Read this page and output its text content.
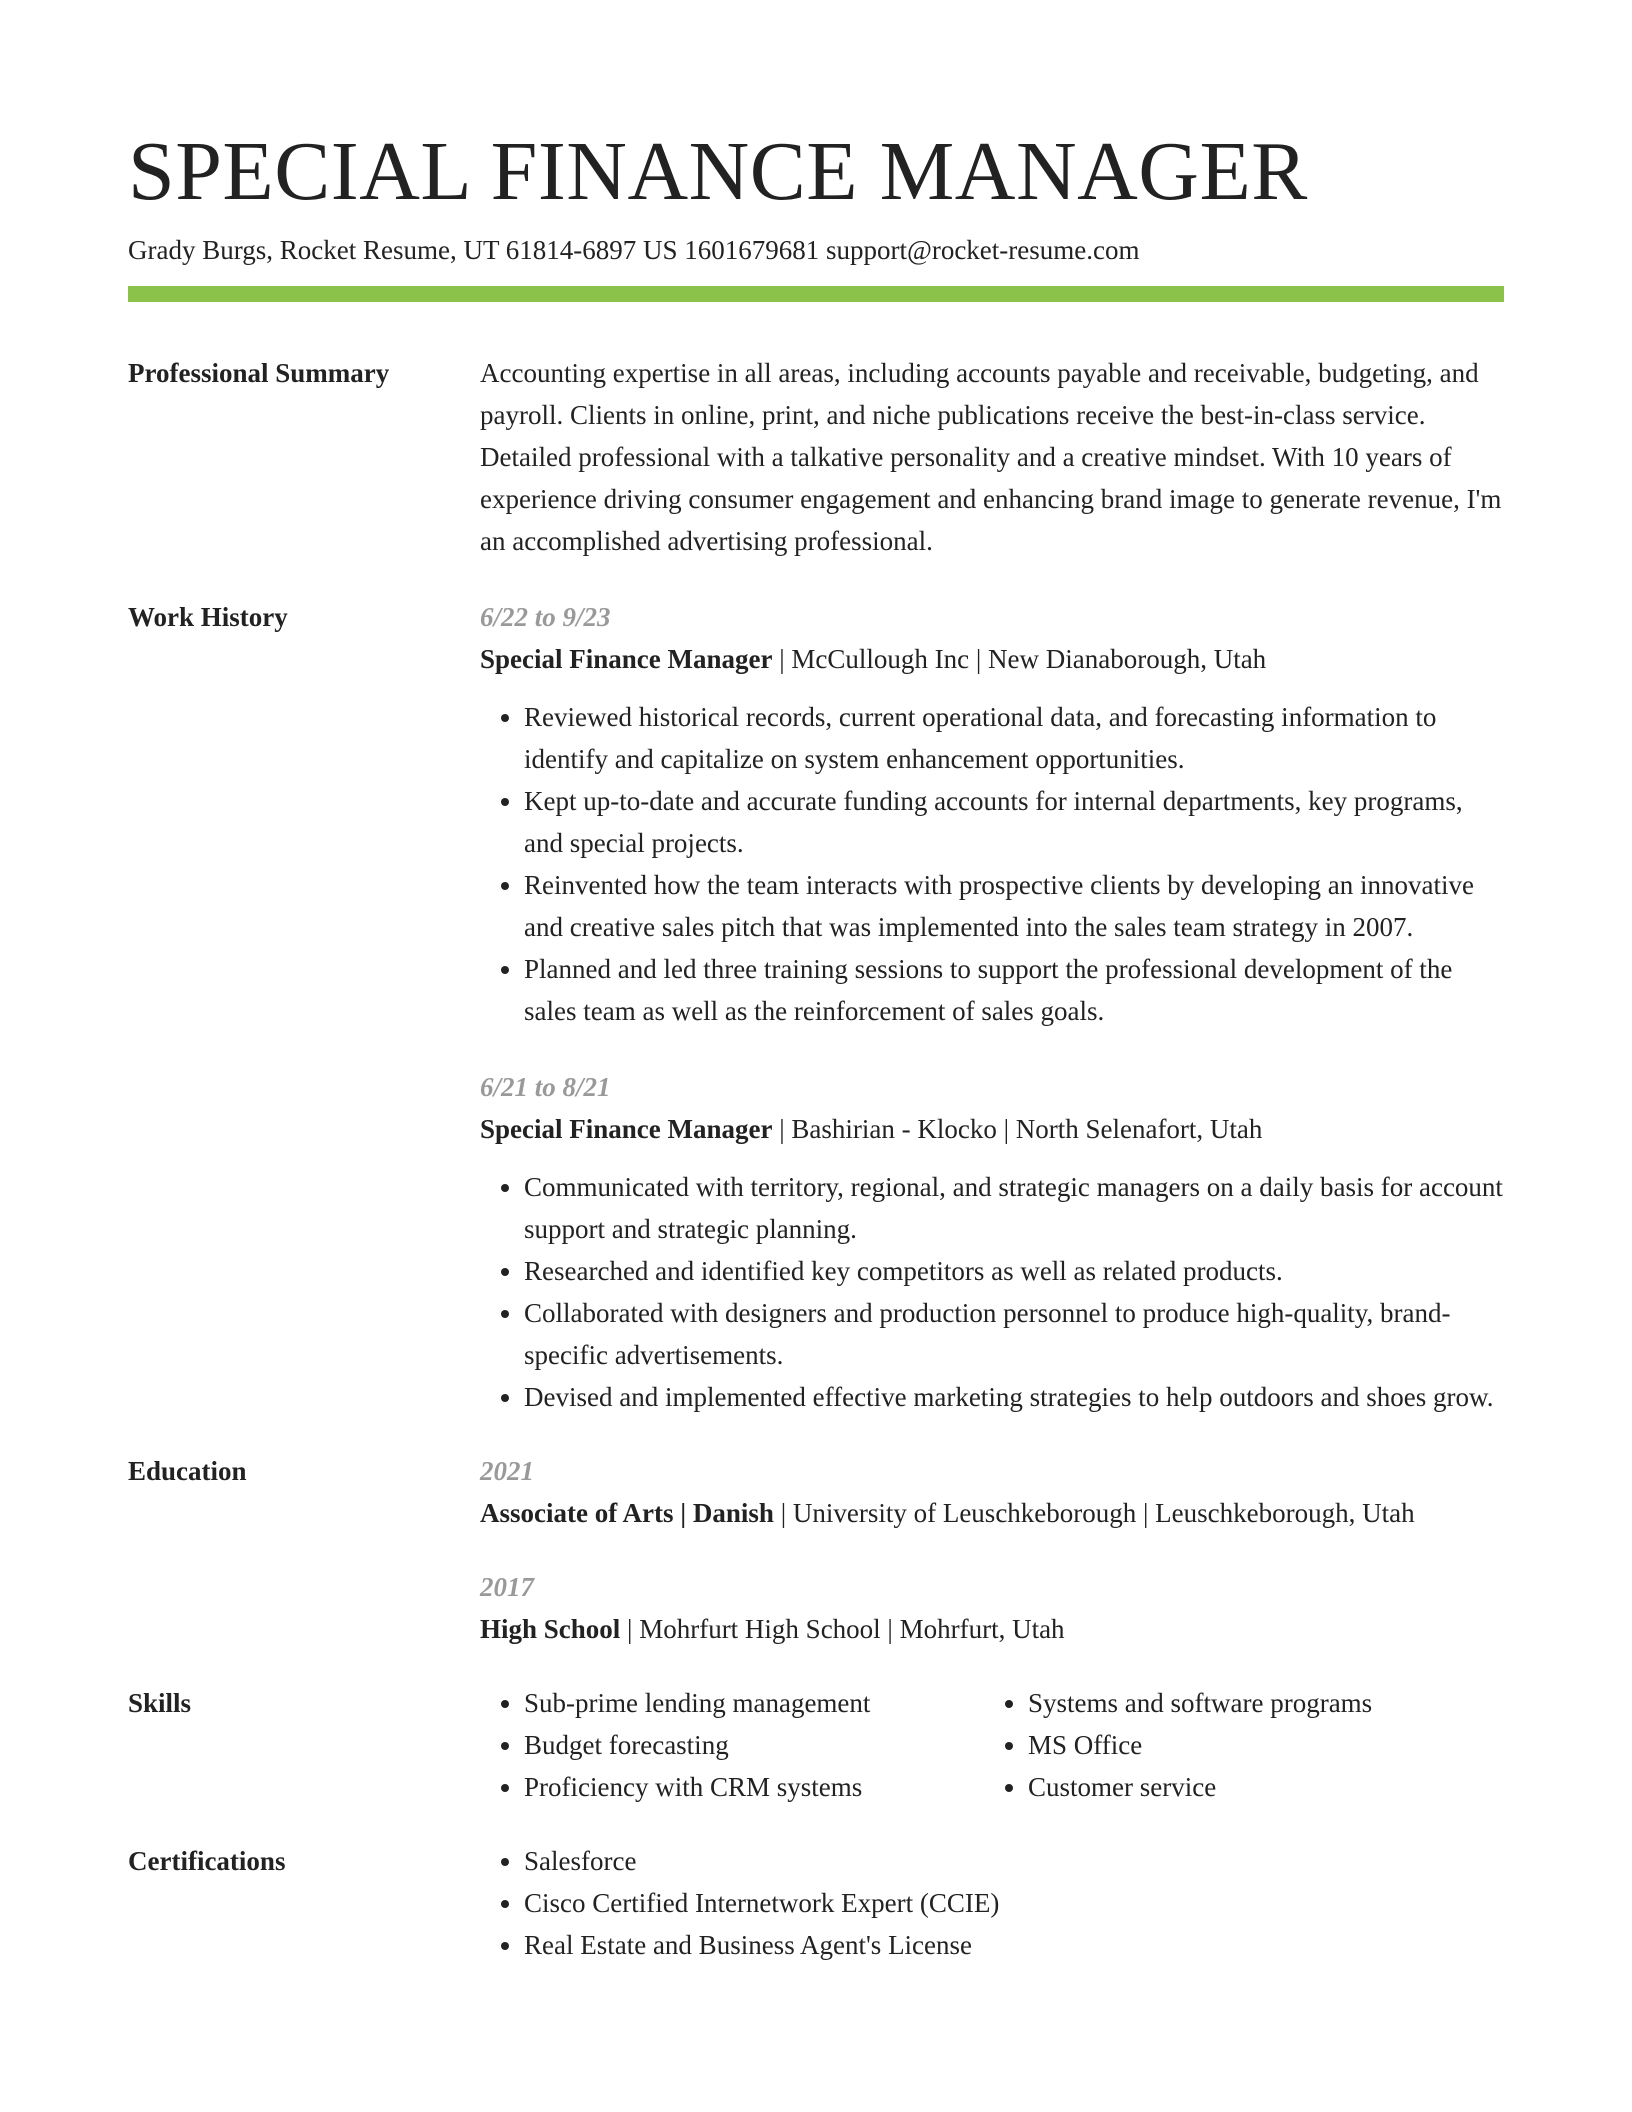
SPECIAL FINANCE MANAGER
Grady Burgs, Rocket Resume, UT 61814-6897 US 1601679681 support@rocket-resume.com
Professional Summary	Accounting expertise in all areas, including accounts payable and receivable, budgeting, and payroll. Clients in online, print, and niche publications receive the best-in-class service. Detailed professional with a talkative personality and a creative mindset. With 10 years of experience driving consumer engagement and enhancing brand image to generate revenue, I'm an accomplished advertising professional.
Work History	6/22 to 9/23
Special Finance Manager | McCullough Inc | New Dianaborough, Utah
• Reviewed historical records, current operational data, and forecasting information to identify and capitalize on system enhancement opportunities.
• Kept up-to-date and accurate funding accounts for internal departments, key programs, and special projects.
• Reinvented how the team interacts with prospective clients by developing an innovative and creative sales pitch that was implemented into the sales team strategy in 2007.
• Planned and led three training sessions to support the professional development of the sales team as well as the reinforcement of sales goals.
6/21 to 8/21
Special Finance Manager | Bashirian - Klocko | North Selenafort, Utah
• Communicated with territory, regional, and strategic managers on a daily basis for account support and strategic planning.
• Researched and identified key competitors as well as related products.
• Collaborated with designers and production personnel to produce high-quality, brand-specific advertisements.
• Devised and implemented effective marketing strategies to help outdoors and shoes grow.
Education	2021
Associate of Arts | Danish | University of Leuschkeborough | Leuschkeborough, Utah
2017
High School | Mohrfurt High School | Mohrfurt, Utah
Skills	• Sub-prime lending management
• Budget forecasting
• Proficiency with CRM systems
• Systems and software programs
• MS Office
• Customer service
Certifications	• Salesforce
• Cisco Certified Internetwork Expert (CCIE)
• Real Estate and Business Agent's License
